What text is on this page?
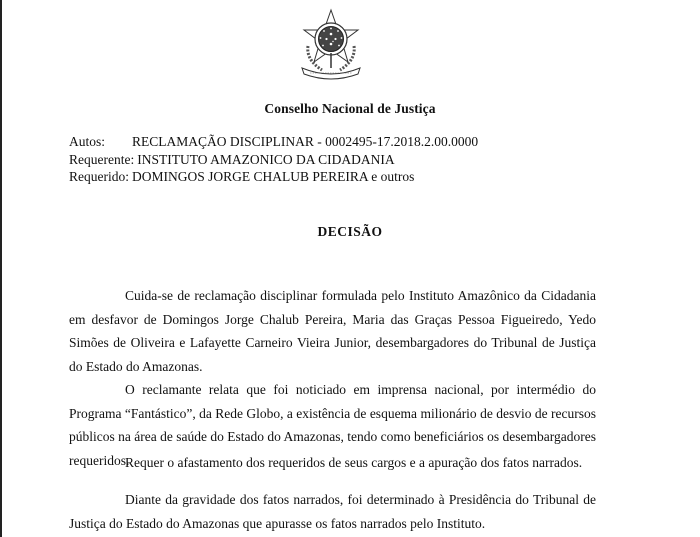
Conselho Nacional de Justiça
Autos:	RECLAMAÇÃO DISCIPLINAR - 0002495-17.2018.2.00.0000
Requerente: INSTITUTO AMAZONICO DA CIDADANIA
Requerido: DOMINGOS JORGE CHALUB PEREIRA e outros
DECISÃO

Cuida-se de reclamação disciplinar formulada pelo Instituto Amazônico da Cidadania em desfavor de Domingos Jorge Chalub Pereira, Maria das Graças Pessoa Figueiredo, Yedo Simões de Oliveira e Lafayette Carneiro Vieira Junior, desembargadores do Tribunal de Justiça do Estado do Amazonas.

O reclamante relata que foi noticiado em imprensa nacional, por intermédio do Programa “Fantástico”, da Rede Globo, a existência de esquema milionário de desvio de recursos públicos na área de saúde do Estado do Amazonas, tendo como beneficiários os desembargadores requeridos.

Requer o afastamento dos requeridos de seus cargos e a apuração dos fatos narrados.

Diante da gravidade dos fatos narrados, foi determinado à Presidência do Tribunal de Justiça do Estado do Amazonas que apurasse os fatos narrados pelo Instituto.
